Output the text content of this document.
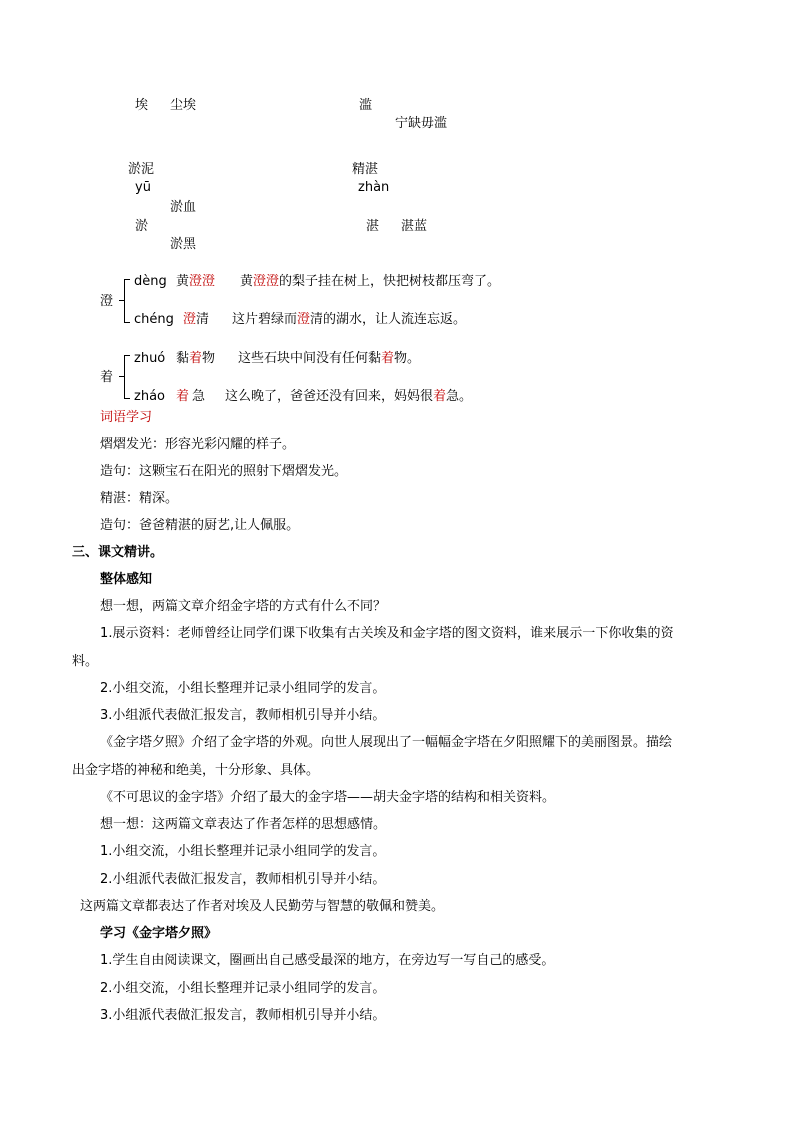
埃 尘埃	滥
宁缺毋滥
淤泥
yū
淤血
淤
淤黑
精湛
zhàn
湛 湛蓝
澄
dèng 黄澄澄 黄澄澄的梨子挂在树上，快把树枝都压弯了。
chéng 澄清 这片碧绿而澄清的湖水，让人流连忘返。
着
zhuó 黏着物 这些石块中间没有任何黏着物。
zháo 着 急 这么晚了，爸爸还没有回来，妈妈很着急。
词语学习
熠熠发光：形容光彩闪耀的样子。
造句：这颗宝石在阳光的照射下熠熠发光。
精湛：精深。
造句：爸爸精湛的厨艺,让人佩服。
三、课文精讲。
整体感知
想一想，两篇文章介绍金字塔的方式有什么不同？
1.展示资料：老师曾经让同学们课下收集有古关埃及和金字塔的图文资料，谁来展示一下你收集的资
料。
2.小组交流，小组长整理并记录小组同学的发言。
3.小组派代表做汇报发言，教师相机引导并小结。
《金字塔夕照》介绍了金字塔的外观。向世人展现出了一幅幅金字塔在夕阳照耀下的美丽图景。描绘
出金字塔的神秘和绝美，十分形象、具体。
《不可思议的金字塔》介绍了最大的金字塔——胡夫金字塔的结构和相关资料。
想一想：这两篇文章表达了作者怎样的思想感情。
1.小组交流，小组长整理并记录小组同学的发言。
2.小组派代表做汇报发言，教师相机引导并小结。
这两篇文章都表达了作者对埃及人民勤劳与智慧的敬佩和赞美。
学习《金字塔夕照》
1.学生自由阅读课文，圈画出自己感受最深的地方，在旁边写一写自己的感受。
2.小组交流，小组长整理并记录小组同学的发言。
3.小组派代表做汇报发言，教师相机引导并小结。
